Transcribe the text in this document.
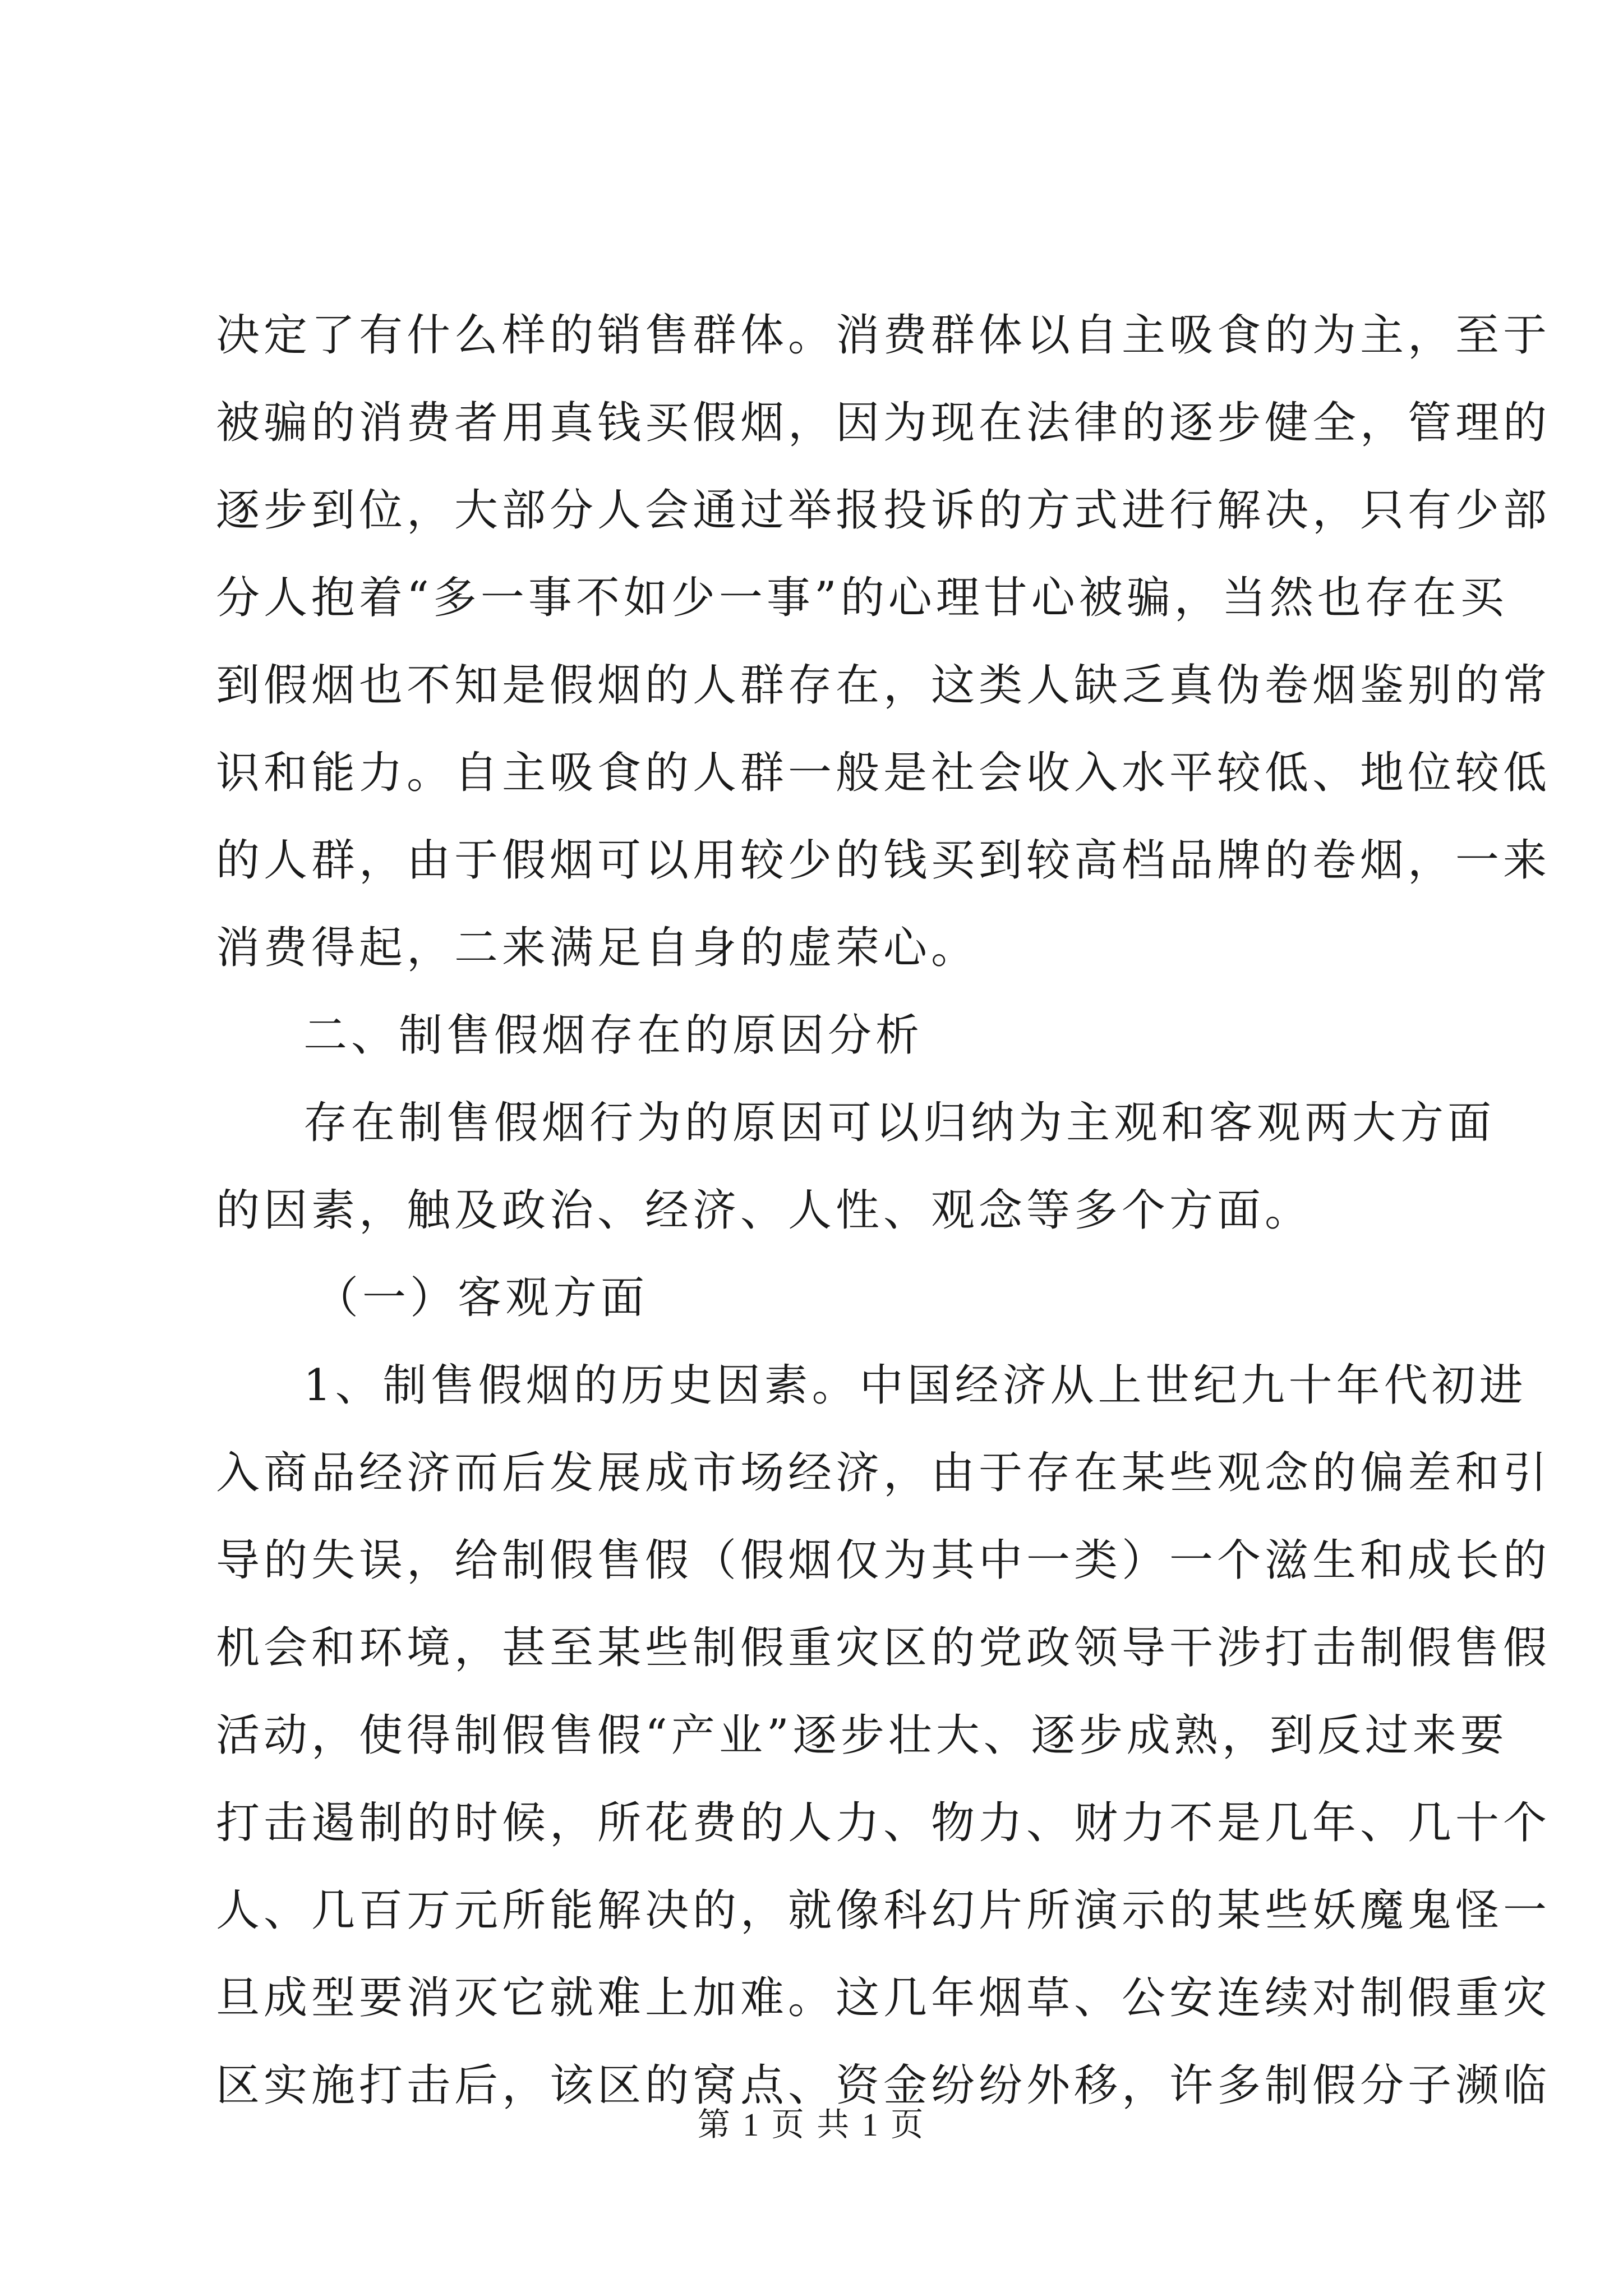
决定了有什么样的销售群体。消费群体以自主吸食的为主，至于
被骗的消费者用真钱买假烟，因为现在法律的逐步健全，管理的
逐步到位，大部分人会通过举报投诉的方式进行解决，只有少部
分人抱着“多一事不如少一事”的心理甘心被骗，当然也存在买
到假烟也不知是假烟的人群存在，这类人缺乏真伪卷烟鉴别的常
识和能力。自主吸食的人群一般是社会收入水平较低、地位较低
的人群，由于假烟可以用较少的钱买到较高档品牌的卷烟，一来
消费得起，二来满足自身的虚荣心。
二、制售假烟存在的原因分析
存在制售假烟行为的原因可以归纳为主观和客观两大方面
的因素，触及政治、经济、人性、观念等多个方面。
（一）客观方面
1、制售假烟的历史因素。中国经济从上世纪九十年代初进
入商品经济而后发展成市场经济，由于存在某些观念的偏差和引
导的失误，给制假售假（假烟仅为其中一类）一个滋生和成长的
机会和环境，甚至某些制假重灾区的党政领导干涉打击制假售假
活动，使得制假售假“产业”逐步壮大、逐步成熟，到反过来要
打击遏制的时候，所花费的人力、物力、财力不是几年、几十个
人、几百万元所能解决的，就像科幻片所演示的某些妖魔鬼怪一
旦成型要消灭它就难上加难。这几年烟草、公安连续对制假重灾
区实施打击后，该区的窝点、资金纷纷外移，许多制假分子濒临
第 1 页 共 1 页
